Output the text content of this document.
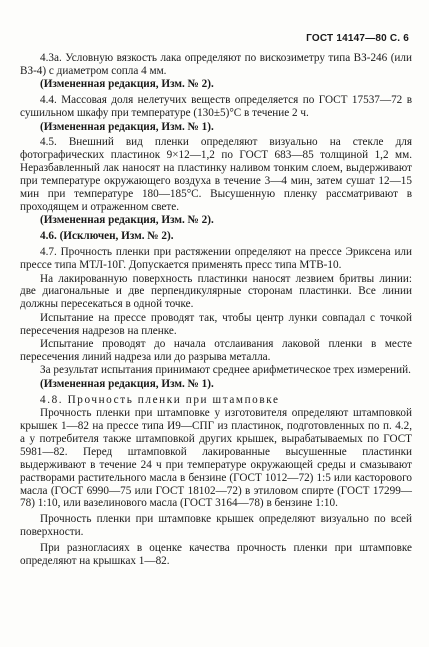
ГОСТ 14147—80 С. 6

4.3а. Условную вязкость лака определяют по вискозиметру типа ВЗ-246 (или ВЗ-4) с диаметром сопла 4 мм.

(Измененная редакция, Изм. № 2).

4.4. Массовая доля нелетучих веществ определяется по ГОСТ 17537—72 в сушильном шкафу при температуре (130±5)°С в течение 2 ч.

(Измененная редакция, Изм. № 1).

4.5. Внешний вид пленки определяют визуально на стекле для фотографических пластинок 9×12—1,2 по ГОСТ 683—85 толщиной 1,2 мм. Неразбавленный лак наносят на пластинку наливом тонким слоем, выдерживают при температуре окружающего воздуха в течение 3—4 мин, затем сушат 12—15 мин при температуре 180—185°С. Высушенную пленку рассматривают в проходящем и отраженном свете.

(Измененная редакция, Изм. № 2).

4.6. (Исключен, Изм. № 2).

4.7. Прочность пленки при растяжении определяют на прессе Эриксена или прессе типа МТЛ-10Г. Допускается применять пресс типа МТВ-10.

На лакированную поверхность пластинки наносят лезвием бритвы линии: две диагональные и две перпендикулярные сторонам пластинки. Все линии должны пересекаться в одной точке.

Испытание на прессе проводят так, чтобы центр лунки совпадал с точкой пересечения надрезов на пленке.

Испытание проводят до начала отслаивания лаковой пленки в месте пересечения линий надреза или до разрыва металла.

За результат испытания принимают среднее арифметическое трех измерений.

(Измененная редакция, Изм. № 1).

4.8. Прочность пленки при штамповке

Прочность пленки при штамповке у изготовителя определяют штамповкой крышек 1—82 на прессе типа И9—СПГ из пластинок, подготовленных по п. 4.2, а у потребителя также штамповкой других крышек, вырабатываемых по ГОСТ 5981—82. Перед штамповкой лакированные высушенные пластинки выдерживают в течение 24 ч при температуре окружающей среды и смазывают растворами растительного масла в бензине (ГОСТ 1012—72) 1:5 или касторового масла (ГОСТ 6990—75 или ГОСТ 18102—72) в этиловом спирте (ГОСТ 17299—78) 1:10, или вазелинового масла (ГОСТ 3164—78) в бензине 1:10.

Прочность пленки при штамповке крышек определяют визуально по всей поверхности.

При разногласиях в оценке качества прочность пленки при штамповке определяют на крышках 1—82.
